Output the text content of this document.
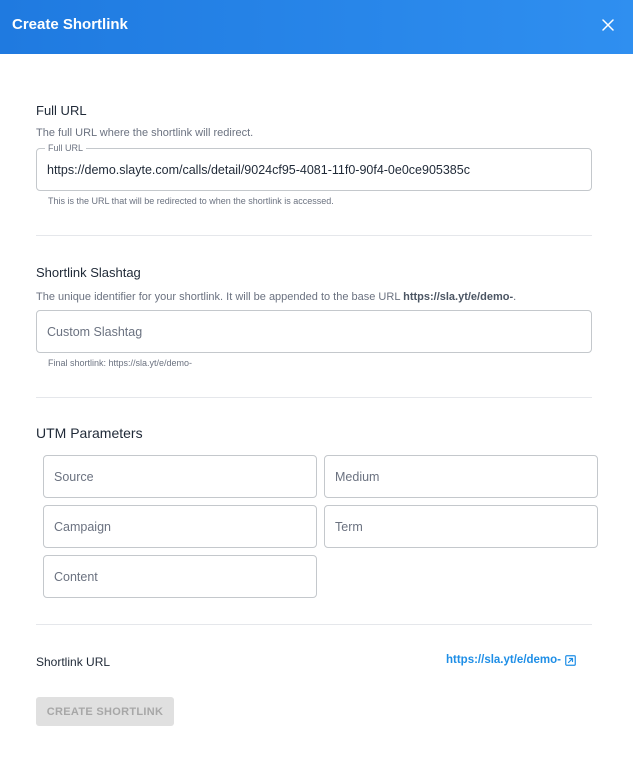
Create Shortlink
Full URL
The full URL where the shortlink will redirect.
Full URL
https://demo.slayte.com/calls/detail/9024cf95-4081-11f0-90f4-0e0ce905385c
This is the URL that will be redirected to when the shortlink is accessed.
Shortlink Slashtag
The unique identifier for your shortlink. It will be appended to the base URL https://sla.yt/e/demo-.
Custom Slashtag
Final shortlink: https://sla.yt/e/demo-
UTM Parameters
Source
Medium
Campaign
Term
Content
Shortlink URL	https://sla.yt/e/demo-
CREATE SHORTLINK
